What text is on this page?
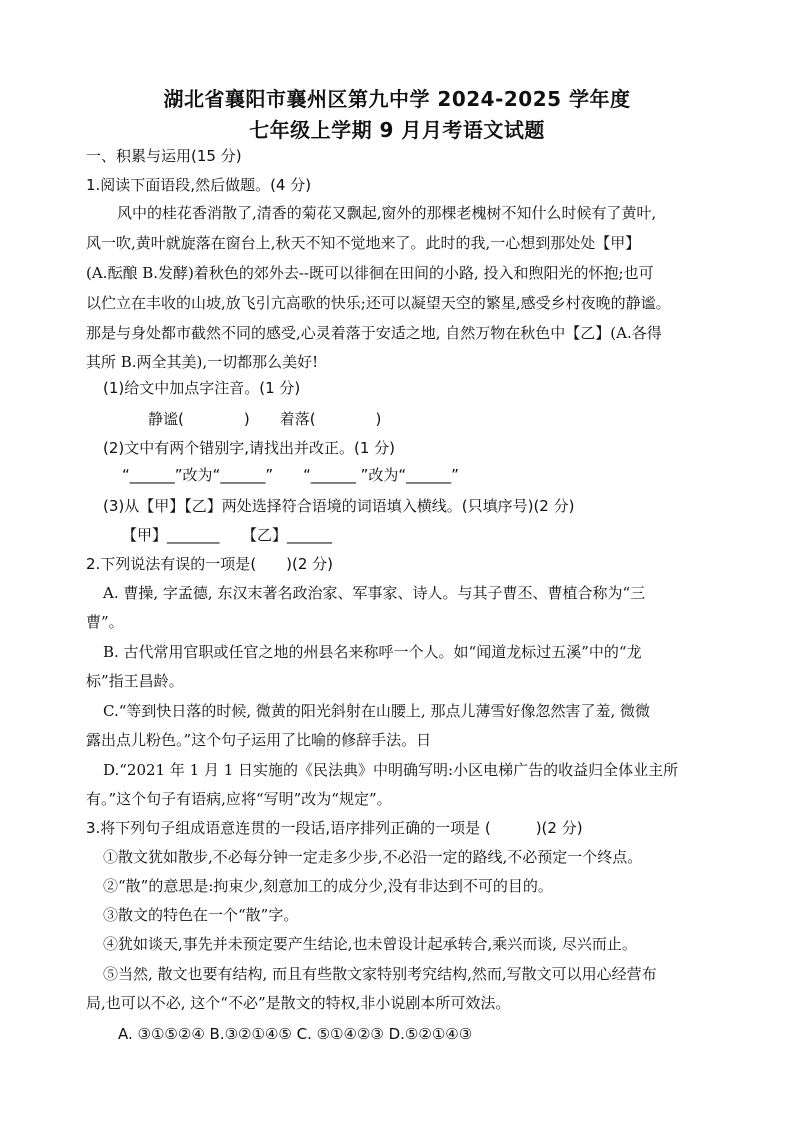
湖北省襄阳市襄州区第九中学 2024-2025 学年度
七年级上学期 9 月月考语文试题
一、积累与运用(15 分)
1.阅读下面语段,然后做题。(4 分)
风中的桂花香消散了,清香的菊花又飘起,窗外的那棵老槐树不知什么时候有了黄叶,
风一吹,黄叶就旋落在窗台上,秋天不知不觉地来了。此时的我,一心想到那处处【甲】
(A.酝酿 B.发酵)着秋色的郊外去--既可以徘徊在田间的小路, 投入和煦阳光的怀抱;也可
以伫立在丰收的山坡,放飞引亢高歌的快乐;还可以凝望天空的繁星,感受乡村夜晚的静谧。
那是与身处都市截然不同的感受,心灵着落于安适之地, 自然万物在秋色中【乙】(A.各得
其所 B.两全其美),一切都那么美好!
(1)给文中加点字注音。(1 分)
静谧(　　　　)　　着落(　　　　)
(2)文中有两个错别字,请找出并改正。(1 分)
“______”改为“______”　　“______ ”改为“______”
(3)从【甲】【乙】两处选择符合语境的词语填入横线。(只填序号)(2 分)
【甲】_______　　【乙】______
2.下列说法有误的一项是(　　)(2 分)
A. 曹操, 字孟德, 东汉末著名政治家、军事家、诗人。与其子曹丕、曹植合称为“三
曹”。
B. 古代常用官职或任官之地的州县名来称呼一个人。如“闻道龙标过五溪”中的“龙
标”指王昌龄。
C.“等到快日落的时候, 微黄的阳光斜射在山腰上, 那点儿薄雪好像忽然害了羞, 微微
露出点儿粉色。”这个句子运用了比喻的修辞手法。日
D.“2021 年 1 月 1 日实施的《民法典》中明确写明:小区电梯广告的收益归全体业主所
有。”这个句子有语病,应将“写明”改为“规定”。
3.将下列句子组成语意连贯的一段话,语序排列正确的一项是 (　　　)(2 分)
①散文犹如散步,不必每分钟一定走多少步,不必沿一定的路线,不必预定一个终点。
②“散”的意思是:拘束少,刻意加工的成分少,没有非达到不可的目的。
③散文的特色在一个“散”字。
④犹如谈天,事先并未预定要产生结论,也未曾设计起承转合,乘兴而谈, 尽兴而止。
⑤当然, 散文也要有结构, 而且有些散文家特别考究结构,然而,写散文可以用心经营布
局,也可以不必, 这个“不必”是散文的特权,非小说剧本所可效法。
A. ③①⑤②④ B.③②①④⑤ C. ⑤①④②③ D.⑤②①④③
